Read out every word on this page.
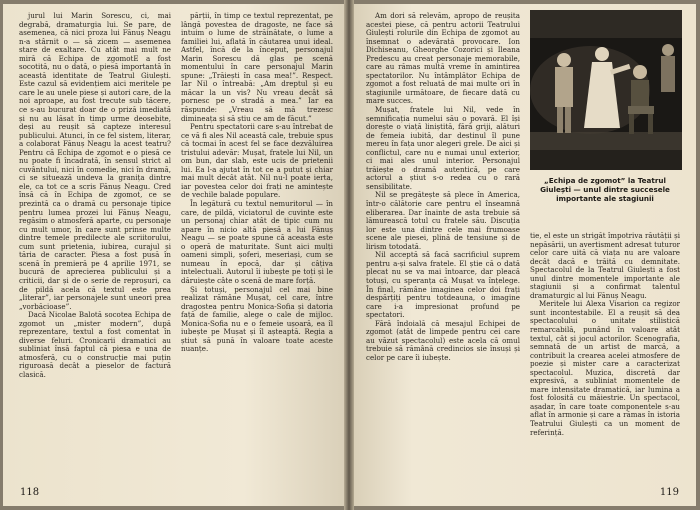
jurul lui Marin Sorescu, ci, mai degrabă, dramaturgia lui. Se pare, de asemenea, că nici proza lui Fănuș Neagu n-a stârnit o — să zicem — asemenea stare de exaltare. Cu atât mai mult ne miră că Echipa de zgomotE a fost socotită, nu o dată, o piesă importantă în această identitate de Teatrul Giulești. Este cazul să evidențiem aici meritele pe care le au unele piese și autori care, de la noi aproape, au fost trecute sub tăcere, ce s-au bucurat doar de o priză imediată și nu au lăsat în timp urme deosebite, deși au reușit să capteze interesul publicului. Atunci, în ce fel sistem, literar, a colaborat Fănuș Neagu la acest teatru? Pentru că Echipa de zgomot e o piesă ce nu poate fi încadrată, în sensul strict al cuvântului, nici în comedie, nici în dramă, ci se situează undeva la granița dintre ele, ca tot ce a scris Fănuș Neagu. Cred însă că în Echipa de zgomot, ce se prezintă ca o dramă cu personaje tipice pentru lumea prozei lui Fănuș Neagu, regăsim o atmosferă aparte, cu personaje cu mult umor, în care sunt prinse multe dintre temele predilecte ale scriitorului, cum sunt prietenia, iubirea, curajul și tăria de caracter. Piesa a fost pusă în scenă în premieră pe 4 aprilie 1971, se bucură de aprecierea publicului și a criticii, dar și de o serie de reproșuri, ca de pildă acela că textul este prea „literar”, iar personajele sunt uneori prea „vorbăcioase”.

Dacă Nicolae Balotă socotea Echipa de zgomot un „mister modern”, după reprezentare, textul a fost comentat în diverse feluri. Cronicarii dramatici au subliniat însă faptul că piesa e una de atmosferă, cu o construcție mai puțin riguroasă decât a pieselor de factură clasică.

părții, în timp ce textul reprezentat, pe lângă povestea de dragoste, ne face să intuim o lume de străinătate, o lume a familiei lui, aflată în căutarea unui ideal. Astfel, încă de la început, personajul Marin Sorescu dă glas pe scenă momentului în care personajul Marin spune: „Trăiești în casa mea!”. Respect. Iar Nil o întreabă: „Am dreptul și eu măcar la un vis? Nu vreau decât să pornesc pe o stradă a mea.” Iar ea răspunde: „Vreau să mă trezesc dimineața și să știu ce am de făcut.”

Pentru spectatorii care s-au întrebat de ce vă fi ales Nil această cale, trebuie spus că tocmai în acest fel se face dezvăluirea tristului adevăr: Mușat, fratele lui Nil, un om bun, dar slab, este ucis de prietenii lui. Ea l-a ajutat în tot ce a putut și chiar mai mult decât atât. Nil nu-l poate ierta, iar povestea celor doi frați ne amintește de vechile balade populare.

În legătură cu textul nemuritorul — în care, de pildă, viciatorul de cuvinte este un personaj chiar atât de tipic cum nu apare în nicio altă piesă a lui Fănuș Neagu — se poate spune că aceasta este o operă de maturitate. Sunt aici mulți oameni simpli, șoferi, meseriași, cum se numeau în epocă, dar și câțiva intelectuali. Autorul îi iubește pe toți și le dăruiește câte o scenă de mare forță.

Și totuși, personajul cel mai bine realizat rămâne Mușat, cel care, între dragostea pentru Monica-Sofia și datoria față de familie, alege o cale de mijloc. Monica-Sofia nu e o femeie ușoară, ea îl iubește pe Mușat și îl așteaptă. Regia a știut să pună în valoare toate aceste nuanțe.

118

Am dori să relevăm, apropo de reușita acestei piese, că pentru actorii Teatrului Giulești rolurile din Echipa de zgomot au însemnat o adevărată provocare. Ion Dichiseanu, Gheorghe Cozorici și Ileana Predescu au creat personaje memorabile, care au rămas multă vreme în amintirea spectatorilor. Nu întâmplător Echipa de zgomot a fost reluată de mai multe ori în stagiunile următoare, de fiecare dată cu mare succes.

Mușat, fratele lui Nil, vede în semnificația numelui său o povară. El își dorește o viață liniștită, fără griji, alături de femeia iubită, dar destinul îl pune mereu în fața unor alegeri grele. De aici și conflictul, care nu e numai unul exterior, ci mai ales unul interior. Personajul trăiește o dramă autentică, pe care actorul a știut s-o redea cu o rară sensibilitate.

Nil se pregătește să plece în America, într-o călătorie care pentru el înseamnă eliberarea. Dar înainte de asta trebuie să lămurească totul cu fratele său. Discuția lor este una dintre cele mai frumoase scene ale piesei, plină de tensiune și de lirism totodată.

Nil acceptă să facă sacrificiul suprem pentru a-și salva fratele. El știe că o dată plecat nu se va mai întoarce, dar pleacă totuși, cu speranța că Mușat va înțelege. În final, rămâne imaginea celor doi frați despărțiți pentru totdeauna, o imagine care i-a impresionat profund pe spectatori.

Fără îndoială că mesajul Echipei de zgomot (atât de limpede pentru cei care au văzut spectacolul) este acela că omul trebuie să rămână credincios sie însuși și celor pe care îi iubește.

„Echipa de zgomot” la Teatrul Giulești — unul dintre succesele importante ale stagiunii

tie, el este un strigăt împotriva răutății și nepăsării, un avertisment adresat tuturor celor care uită că viața nu are valoare decât dacă e trăită cu demnitate. Spectacolul de la Teatrul Giulești a fost unul dintre momentele importante ale stagiunii și a confirmat talentul dramaturgic al lui Fănuș Neagu.

Meritele lui Alexa Visarion ca regizor sunt incontestabile. El a reușit să dea spectacolului o unitate stilistică remarcabilă, punând în valoare atât textul, cât și jocul actorilor. Scenografia, semnată de un artist de marcă, a contribuit la crearea acelei atmosfere de poezie și mister care a caracterizat spectacolul. Muzica, discretă dar expresivă, a subliniat momentele de mare intensitate dramatică, iar lumina a fost folosită cu măiestrie. Un spectacol, așadar, în care toate componentele s-au aflat în armonie și care a rămas în istoria Teatrului Giulești ca un moment de referință.

119
